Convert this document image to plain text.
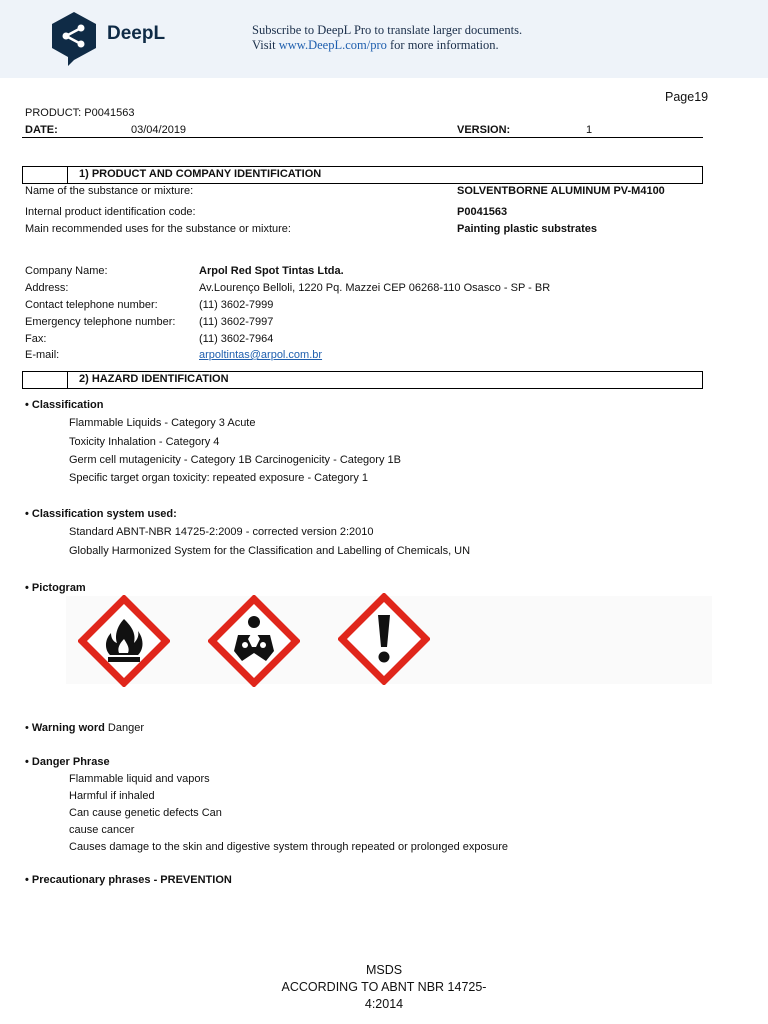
DeepL	Subscribe to DeepL Pro to translate larger documents.
Visit www.DeepL.com/pro for more information.
Page19
PRODUCT: P0041563
DATE:	03/04/2019	VERSION:	1
1) PRODUCT AND COMPANY IDENTIFICATION
Name of the substance or mixture:	SOLVENTBORNE ALUMINUM PV-M4100
Internal product identification code:	P0041563
Main recommended uses for the substance or mixture:	Painting plastic substrates
Company Name:	Arpol Red Spot Tintas Ltda.
Address:	Av.Lourenço Belloli, 1220 Pq. Mazzei CEP 06268-110 Osasco - SP - BR
Contact telephone number:	(11) 3602-7999
Emergency telephone number: (11) 3602-7997
Fax:	(11) 3602-7964
E-mail:	arpoltintas@arpol.com.br
2) HAZARD IDENTIFICATION
• Classification
Flammable Liquids - Category 3 Acute
Toxicity Inhalation - Category 4
Germ cell mutagenicity - Category 1B Carcinogenicity - Category 1B
Specific target organ toxicity: repeated exposure - Category 1
• Classification system used:
Standard ABNT-NBR 14725-2:2009 - corrected version 2:2010
Globally Harmonized System for the Classification and Labelling of Chemicals, UN
• Pictogram
• Warning word Danger
• Danger Phrase
Flammable liquid and vapors
Harmful if inhaled
Can cause genetic defects Can
cause cancer
Causes damage to the skin and digestive system through repeated or prolonged exposure
• Precautionary phrases - PREVENTION
MSDS
ACCORDING TO ABNT NBR 14725-
4:2014
